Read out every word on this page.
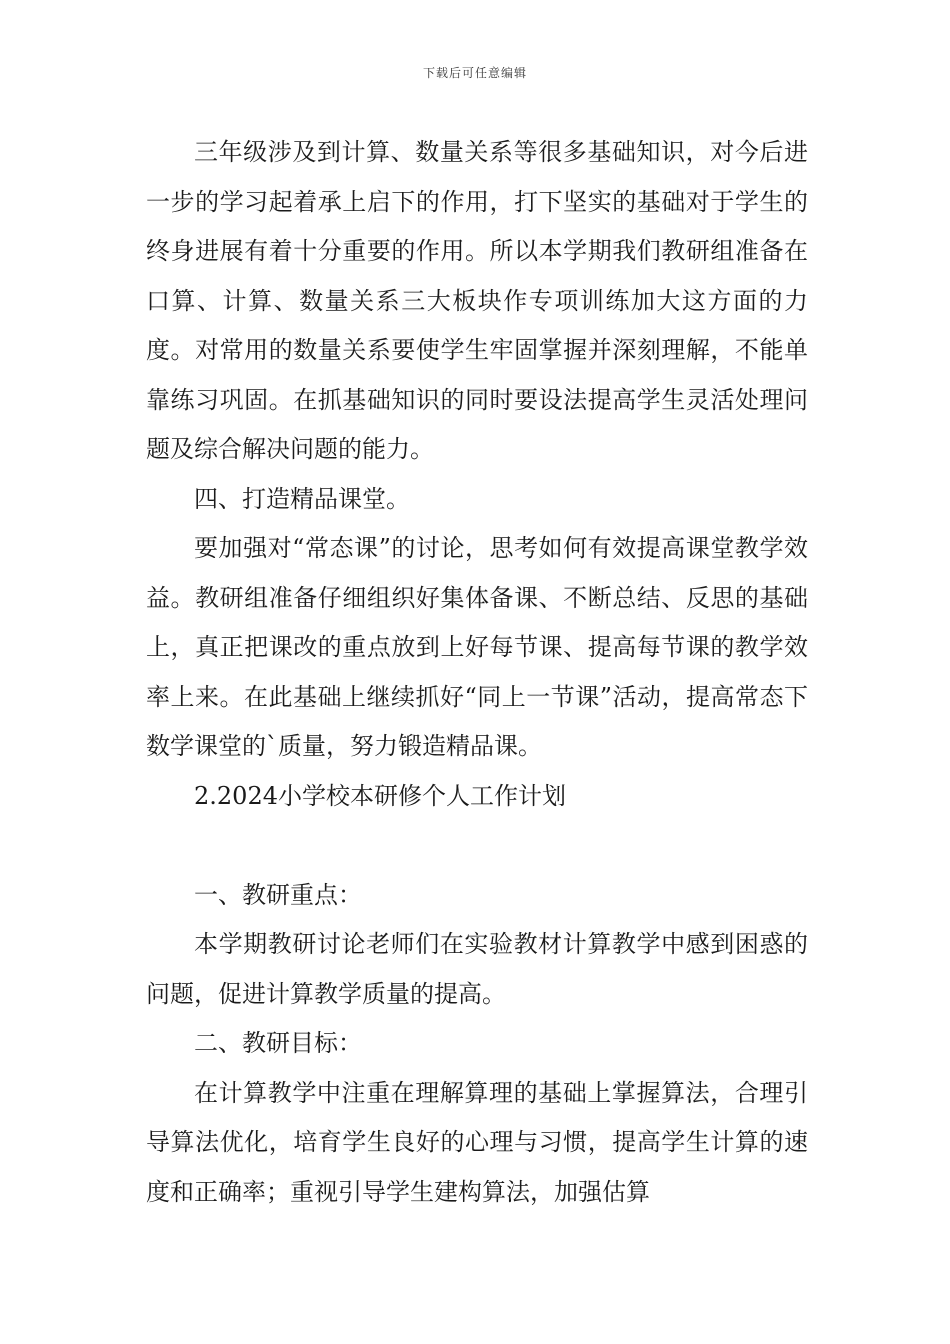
下载后可任意编辑

三年级涉及到计算、数量关系等很多基础知识，对今后进一步的学习起着承上启下的作用，打下坚实的基础对于学生的终身进展有着十分重要的作用。所以本学期我们教研组准备在口算、计算、数量关系三大板块作专项训练加大这方面的力度。对常用的数量关系要使学生牢固掌握并深刻理解，不能单靠练习巩固。在抓基础知识的同时要设法提高学生灵活处理问题及综合解决问题的能力。

四、打造精品课堂。

要加强对“常态课”的讨论，思考如何有效提高课堂教学效益。教研组准备仔细组织好集体备课、不断总结、反思的基础上，真正把课改的重点放到上好每节课、提高每节课的教学效率上来。在此基础上继续抓好“同上一节课”活动，提高常态下数学课堂的`质量，努力锻造精品课。

2.2024小学校本研修个人工作计划

一、教研重点：

本学期教研讨论老师们在实验教材计算教学中感到困惑的问题，促进计算教学质量的提高。

二、教研目标：

在计算教学中注重在理解算理的基础上掌握算法，合理引导算法优化，培育学生良好的心理与习惯，提高学生计算的速度和正确率；重视引导学生建构算法，加强估算
